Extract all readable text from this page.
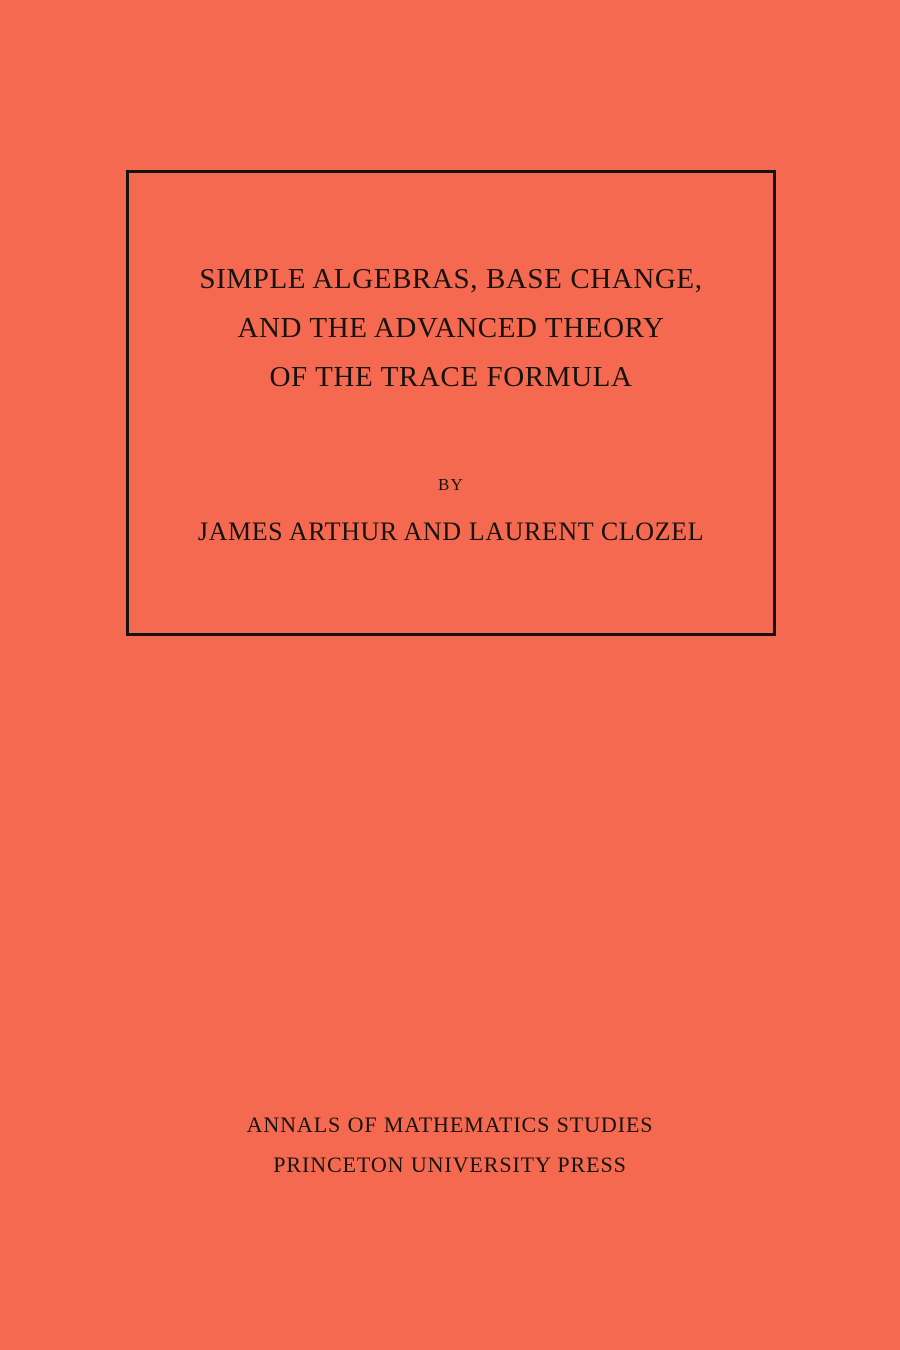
SIMPLE ALGEBRAS, BASE CHANGE,
AND THE ADVANCED THEORY
OF THE TRACE FORMULA
BY
JAMES ARTHUR AND LAURENT CLOZEL
ANNALS OF MATHEMATICS STUDIES
PRINCETON UNIVERSITY PRESS
